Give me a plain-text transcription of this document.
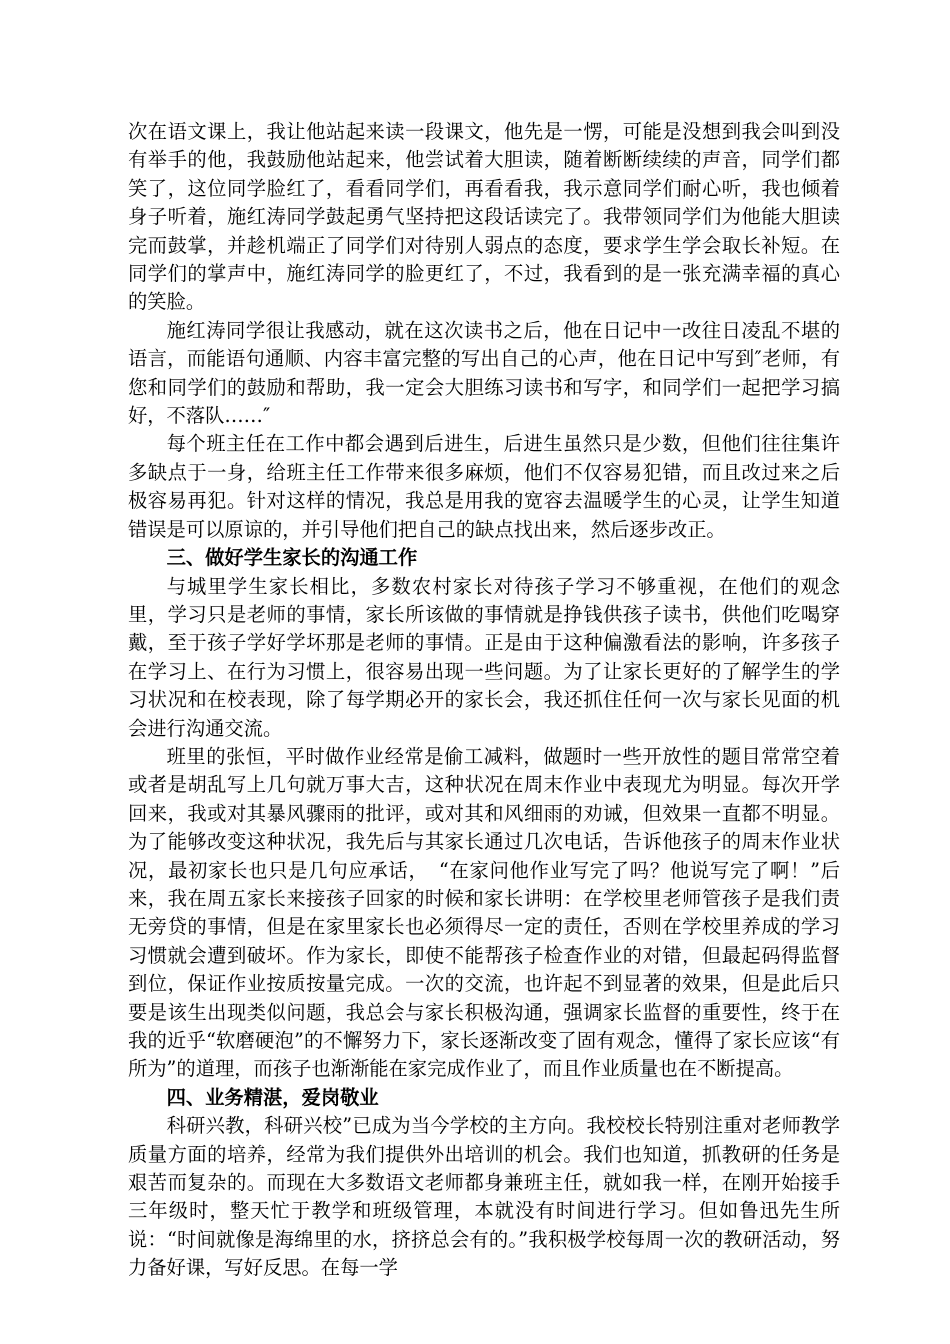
次在语文课上，我让他站起来读一段课文，他先是一愣，可能是没想到我会叫到没有举手的他，我鼓励他站起来，他尝试着大胆读，随着断断续续的声音，同学们都笑了，这位同学脸红了，看看同学们，再看看我，我示意同学们耐心听，我也倾着身子听着，施红涛同学鼓起勇气坚持把这段话读完了。我带领同学们为他能大胆读完而鼓掌，并趁机端正了同学们对待别人弱点的态度，要求学生学会取长补短。在同学们的掌声中，施红涛同学的脸更红了，不过，我看到的是一张充满幸福的真心的笑脸。

施红涛同学很让我感动，就在这次读书之后，他在日记中一改往日凌乱不堪的语言，而能语句通顺、内容丰富完整的写出自己的心声，他在日记中写到″老师，有您和同学们的鼓励和帮助，我一定会大胆练习读书和写字，和同学们一起把学习搞好，不落队……″

每个班主任在工作中都会遇到后进生，后进生虽然只是少数，但他们往往集许多缺点于一身，给班主任工作带来很多麻烦，他们不仅容易犯错，而且改过来之后极容易再犯。针对这样的情况，我总是用我的宽容去温暖学生的心灵，让学生知道错误是可以原谅的，并引导他们把自己的缺点找出来，然后逐步改正。

三、做好学生家长的沟通工作

与城里学生家长相比，多数农村家长对待孩子学习不够重视，在他们的观念里，学习只是老师的事情，家长所该做的事情就是挣钱供孩子读书，供他们吃喝穿戴，至于孩子学好学坏那是老师的事情。正是由于这种偏激看法的影响，许多孩子在学习上、在行为习惯上，很容易出现一些问题。为了让家长更好的了解学生的学习状况和在校表现，除了每学期必开的家长会，我还抓住任何一次与家长见面的机会进行沟通交流。

班里的张恒，平时做作业经常是偷工减料，做题时一些开放性的题目常常空着或者是胡乱写上几句就万事大吉，这种状况在周末作业中表现尤为明显。每次开学回来，我或对其暴风骤雨的批评，或对其和风细雨的劝诫，但效果一直都不明显。为了能够改变这种状况，我先后与其家长通过几次电话，告诉他孩子的周末作业状况，最初家长也只是几句应承话，　“在家问他作业写完了吗？他说写完了啊！”后来，我在周五家长来接孩子回家的时候和家长讲明：在学校里老师管孩子是我们责无旁贷的事情，但是在家里家长也必须得尽一定的责任，否则在学校里养成的学习习惯就会遭到破坏。作为家长，即使不能帮孩子检查作业的对错，但最起码得监督到位，保证作业按质按量完成。一次的交流，也许起不到显著的效果，但是此后只要是该生出现类似问题，我总会与家长积极沟通，强调家长监督的重要性，终于在我的近乎“软磨硬泡”的不懈努力下，家长逐渐改变了固有观念，懂得了家长应该“有所为”的道理，而孩子也渐渐能在家完成作业了，而且作业质量也在不断提高。

四、业务精湛，爱岗敬业

科研兴教，科研兴校”已成为当今学校的主方向。我校校长特别注重对老师教学质量方面的培养，经常为我们提供外出培训的机会。我们也知道，抓教研的任务是艰苦而复杂的。而现在大多数语文老师都身兼班主任，就如我一样，在刚开始接手三年级时，整天忙于教学和班级管理，本就没有时间进行学习。但如鲁迅先生所说：“时间就像是海绵里的水，挤挤总会有的。”我积极学校每周一次的教研活动，努力备好课，写好反思。在每一学
